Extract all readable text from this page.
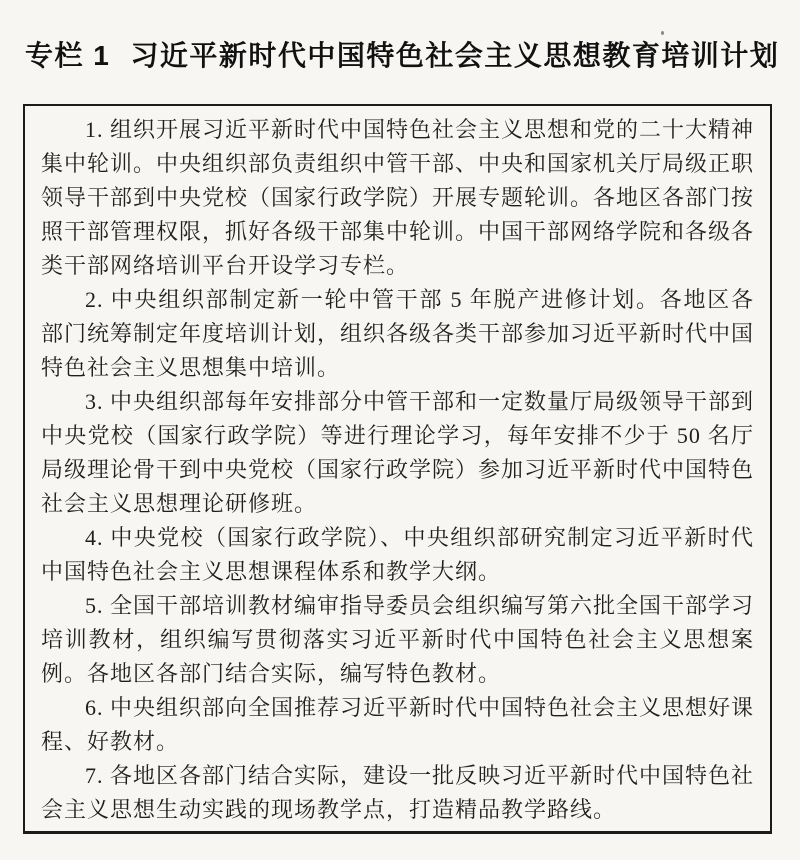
专栏 1 习近平新时代中国特色社会主义思想教育培训计划

1. 组织开展习近平新时代中国特色社会主义思想和党的二十大精神集中轮训。中央组织部负责组织中管干部、中央和国家机关厅局级正职领导干部到中央党校（国家行政学院）开展专题轮训。各地区各部门按照干部管理权限，抓好各级干部集中轮训。中国干部网络学院和各级各类干部网络培训平台开设学习专栏。

2. 中央组织部制定新一轮中管干部 5 年脱产进修计划。各地区各部门统筹制定年度培训计划，组织各级各类干部参加习近平新时代中国特色社会主义思想集中培训。

3. 中央组织部每年安排部分中管干部和一定数量厅局级领导干部到中央党校（国家行政学院）等进行理论学习，每年安排不少于 50 名厅局级理论骨干到中央党校（国家行政学院）参加习近平新时代中国特色社会主义思想理论研修班。

4. 中央党校（国家行政学院）、中央组织部研究制定习近平新时代中国特色社会主义思想课程体系和教学大纲。

5. 全国干部培训教材编审指导委员会组织编写第六批全国干部学习培训教材，组织编写贯彻落实习近平新时代中国特色社会主义思想案例。各地区各部门结合实际，编写特色教材。

6. 中央组织部向全国推荐习近平新时代中国特色社会主义思想好课程、好教材。

7. 各地区各部门结合实际，建设一批反映习近平新时代中国特色社会主义思想生动实践的现场教学点，打造精品教学路线。
